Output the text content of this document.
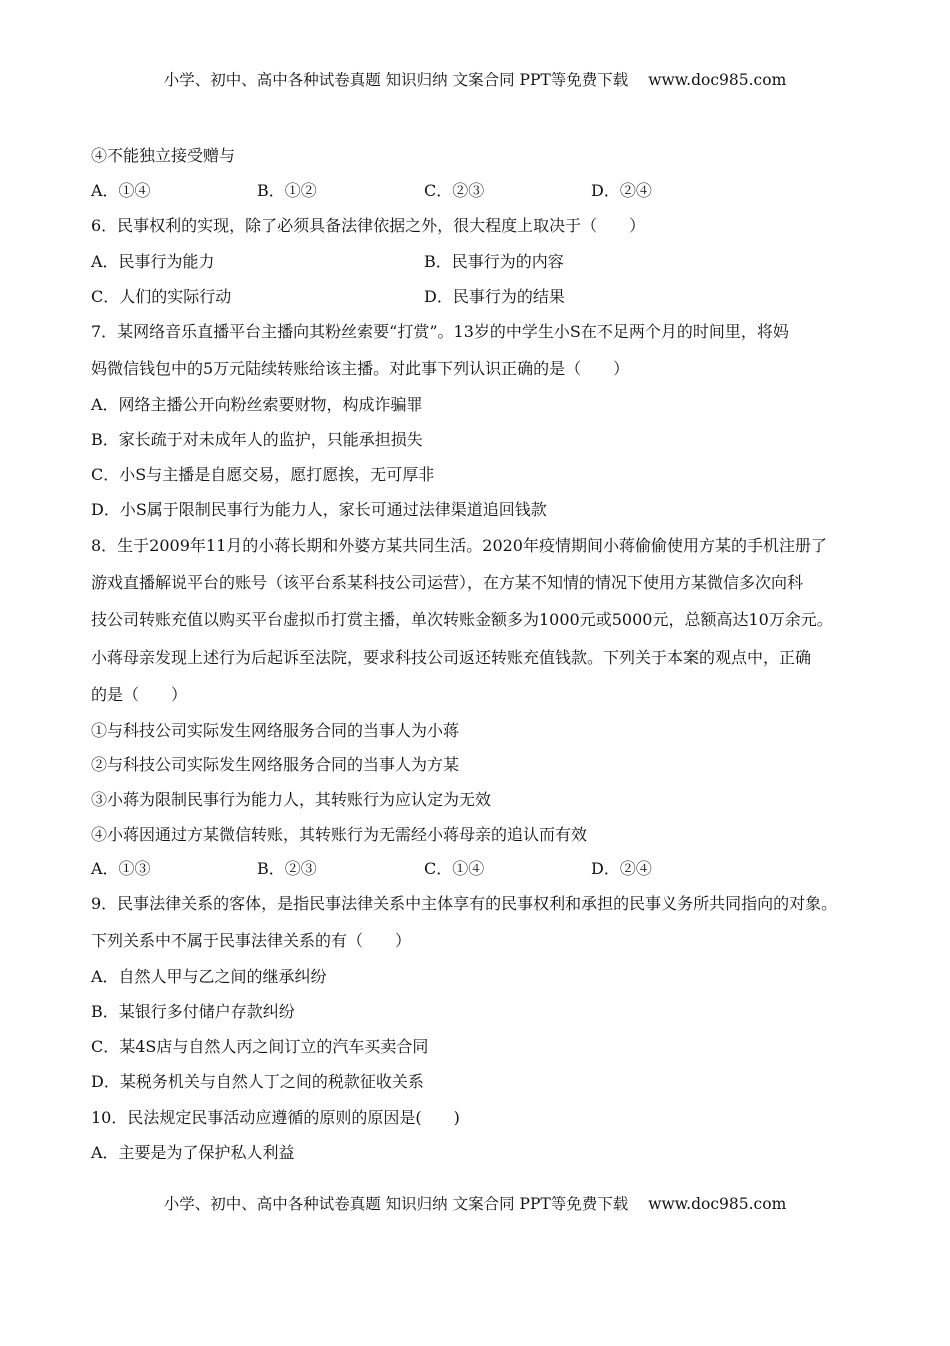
小学、初中、高中各种试卷真题 知识归纳 文案合同 PPT等免费下载 www.doc985.com
④不能独立接受赠与
A．①④	B．①②	C．②③	D．②④
6．民事权利的实现，除了必须具备法律依据之外，很大程度上取决于（　　）
A．民事行为能力	B．民事行为的内容
C．人们的实际行动	D．民事行为的结果
7．某网络音乐直播平台主播向其粉丝索要“打赏”。13岁的中学生小S在不足两个月的时间里，将妈
妈微信钱包中的5万元陆续转账给该主播。对此事下列认识正确的是（　　）
A．网络主播公开向粉丝索要财物，构成诈骗罪
B．家长疏于对未成年人的监护，只能承担损失
C．小S与主播是自愿交易，愿打愿挨，无可厚非
D．小S属于限制民事行为能力人，家长可通过法律渠道追回钱款
8．生于2009年11月的小蒋长期和外婆方某共同生活。2020年疫情期间小蒋偷偷使用方某的手机注册了
游戏直播解说平台的账号（该平台系某科技公司运营），在方某不知情的情况下使用方某微信多次向科
技公司转账充值以购买平台虚拟币打赏主播，单次转账金额多为1000元或5000元，总额高达10万余元。
小蒋母亲发现上述行为后起诉至法院，要求科技公司返还转账充值钱款。下列关于本案的观点中，正确
的是（　　）
①与科技公司实际发生网络服务合同的当事人为小蒋
②与科技公司实际发生网络服务合同的当事人为方某
③小蒋为限制民事行为能力人，其转账行为应认定为无效
④小蒋因通过方某微信转账，其转账行为无需经小蒋母亲的追认而有效
A．①③	B．②③	C．①④	D．②④
9．民事法律关系的客体，是指民事法律关系中主体享有的民事权利和承担的民事义务所共同指向的对象。
下列关系中不属于民事法律关系的有（　　）
A．自然人甲与乙之间的继承纠纷
B．某银行多付储户存款纠纷
C．某4S店与自然人丙之间订立的汽车买卖合同
D．某税务机关与自然人丁之间的税款征收关系
10．民法规定民事活动应遵循的原则的原因是(　　)
A．主要是为了保护私人利益
小学、初中、高中各种试卷真题 知识归纳 文案合同 PPT等免费下载 www.doc985.com
